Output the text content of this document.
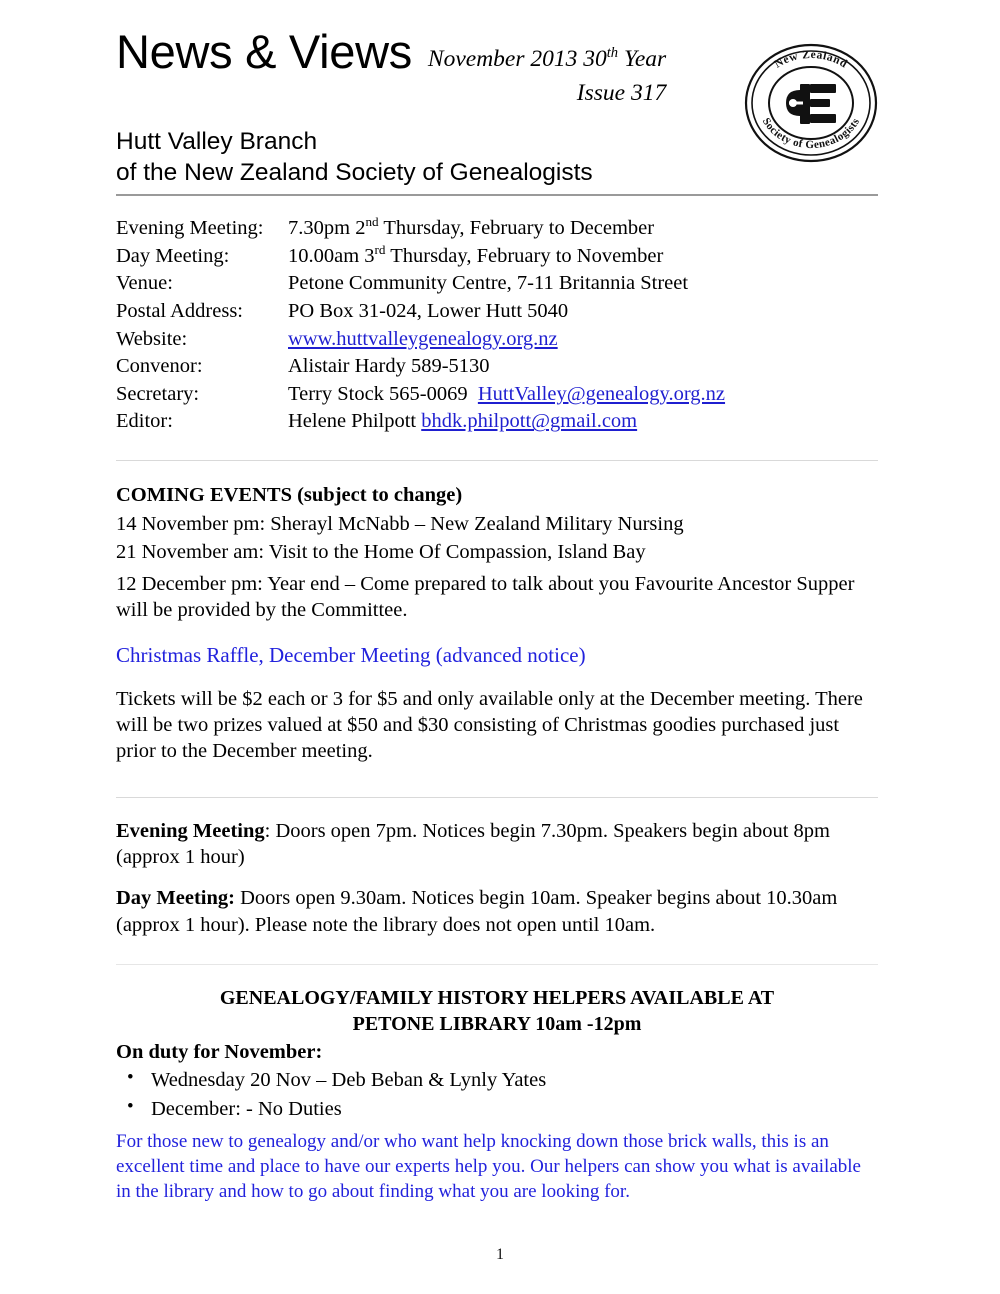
News & Views November 2013 30th Year
Issue 317
Hutt Valley Branch
of the New Zealand Society of Genealogists
New Zealand
Society of Genealogists
Evening Meeting:	7.30pm 2nd Thursday, February to December
Day Meeting:	10.00am 3rd Thursday, February to November
Venue:	Petone Community Centre, 7-11 Britannia Street
Postal Address:	PO Box 31-024, Lower Hutt 5040
Website:	www.huttvalleygenealogy.org.nz
Convenor:	Alistair Hardy 589-5130
Secretary:	Terry Stock 565-0069  HuttValley@genealogy.org.nz
Editor:	Helene Philpott bhdk.philpott@gmail.com
COMING EVENTS (subject to change)

14 November pm: Sherayl McNabb – New Zealand Military Nursing

21 November am: Visit to the Home Of Compassion, Island Bay

12 December pm: Year end – Come prepared to talk about you Favourite Ancestor Supper will be provided by the Committee.

Christmas Raffle, December Meeting (advanced notice)

Tickets will be $2 each or 3 for $5 and only available only at the December meeting. There will be two prizes valued at $50 and $30 consisting of Christmas goodies purchased just prior to the December meeting.

Evening Meeting: Doors open 7pm. Notices begin 7.30pm. Speakers begin about 8pm (approx 1 hour)

Day Meeting: Doors open 9.30am. Notices begin 10am. Speaker begins about 10.30am (approx 1 hour). Please note the library does not open until 10am.

GENEALOGY/FAMILY HISTORY HELPERS AVAILABLE AT
PETONE LIBRARY 10am -12pm
On duty for November:
• Wednesday 20 Nov – Deb Beban & Lynly Yates
• December: - No Duties

For those new to genealogy and/or who want help knocking down those brick walls, this is an excellent time and place to have our experts help you. Our helpers can show you what is available in the library and how to go about finding what you are looking for.

1
